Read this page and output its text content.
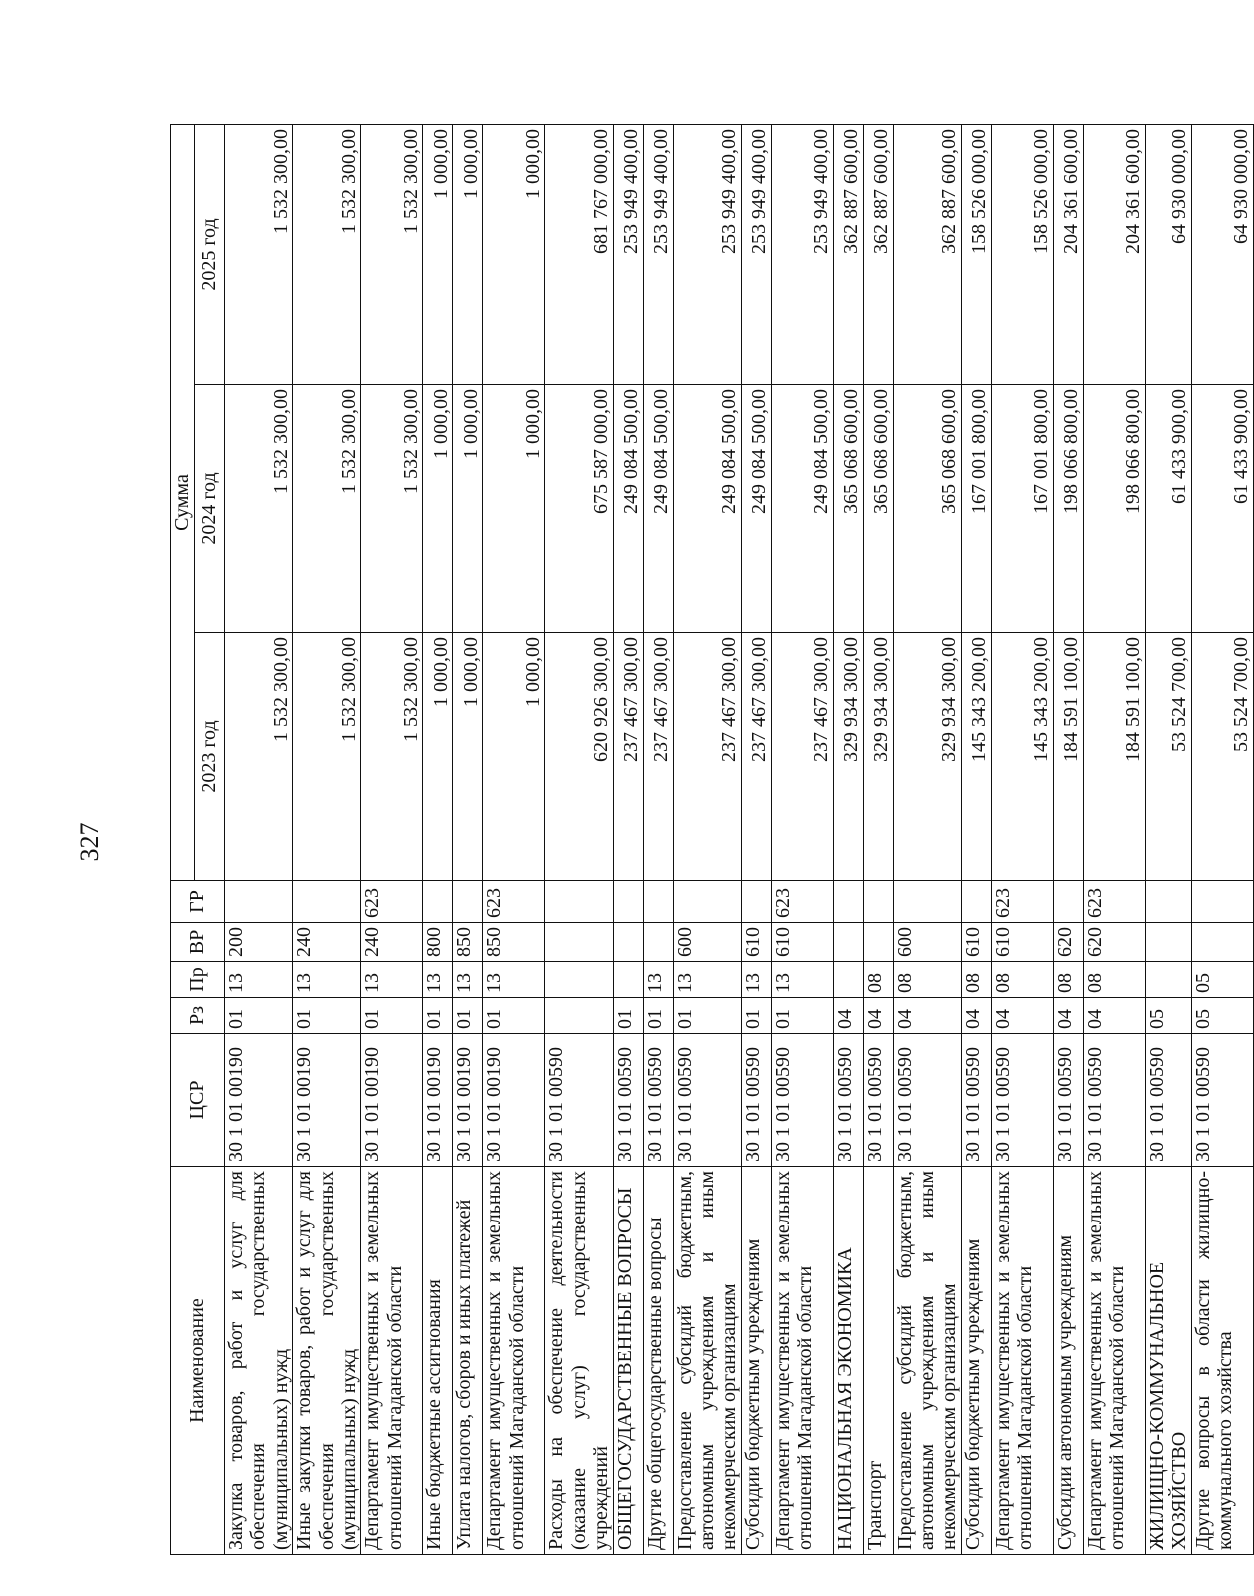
327
Наименование	ЦСР	Рз	Пр	ВР	ГР	Сумма		
						2023 год	2024 год	2025 год
Закупка товаров, работ и услуг для обеспечения государственных (муниципальных) нужд	30 1 01 00190	01	13	200		1 532 300,00	1 532 300,00	1 532 300,00
Иные закупки товаров, работ и услуг для обеспечения государственных (муниципальных) нужд	30 1 01 00190	01	13	240		1 532 300,00	1 532 300,00	1 532 300,00
Департамент имущественных и земельных отношений Магаданской области	30 1 01 00190	01	13	240	623	1 532 300,00	1 532 300,00	1 532 300,00
Иные бюджетные ассигнования	30 1 01 00190	01	13	800		1 000,00	1 000,00	1 000,00
Уплата налогов, сборов и иных платежей	30 1 01 00190	01	13	850		1 000,00	1 000,00	1 000,00
Департамент имущественных и земельных отношений Магаданской области	30 1 01 00190	01	13	850	623	1 000,00	1 000,00	1 000,00
Расходы на обеспечение деятельности (оказание услуг) государственных учреждений	30 1 01 00590					620 926 300,00	675 587 000,00	681 767 000,00
ОБЩЕГОСУДАРСТВЕННЫЕ ВОПРОСЫ	30 1 01 00590	01				237 467 300,00	249 084 500,00	253 949 400,00
Другие общегосударственные вопросы	30 1 01 00590	01	13			237 467 300,00	249 084 500,00	253 949 400,00
Предоставление субсидий бюджетным, автономным учреждениям и иным некоммерческим организациям	30 1 01 00590	01	13	600		237 467 300,00	249 084 500,00	253 949 400,00
Субсидии бюджетным учреждениям	30 1 01 00590	01	13	610		237 467 300,00	249 084 500,00	253 949 400,00
Департамент имущественных и земельных отношений Магаданской области	30 1 01 00590	01	13	610	623	237 467 300,00	249 084 500,00	253 949 400,00
НАЦИОНАЛЬНАЯ ЭКОНОМИКА	30 1 01 00590	04				329 934 300,00	365 068 600,00	362 887 600,00
Транспорт	30 1 01 00590	04	08			329 934 300,00	365 068 600,00	362 887 600,00
Предоставление субсидий бюджетным, автономным учреждениям и иным некоммерческим организациям	30 1 01 00590	04	08	600		329 934 300,00	365 068 600,00	362 887 600,00
Субсидии бюджетным учреждениям	30 1 01 00590	04	08	610		145 343 200,00	167 001 800,00	158 526 000,00
Департамент имущественных и земельных отношений Магаданской области	30 1 01 00590	04	08	610	623	145 343 200,00	167 001 800,00	158 526 000,00
Субсидии автономным учреждениям	30 1 01 00590	04	08	620		184 591 100,00	198 066 800,00	204 361 600,00
Департамент имущественных и земельных отношений Магаданской области	30 1 01 00590	04	08	620	623	184 591 100,00	198 066 800,00	204 361 600,00
ЖИЛИЩНО-КОММУНАЛЬНОЕ ХОЗЯЙСТВО	30 1 01 00590	05				53 524 700,00	61 433 900,00	64 930 000,00
Другие вопросы в области жилищно-коммунального хозяйства	30 1 01 00590	05	05			53 524 700,00	61 433 900,00	64 930 000,00
